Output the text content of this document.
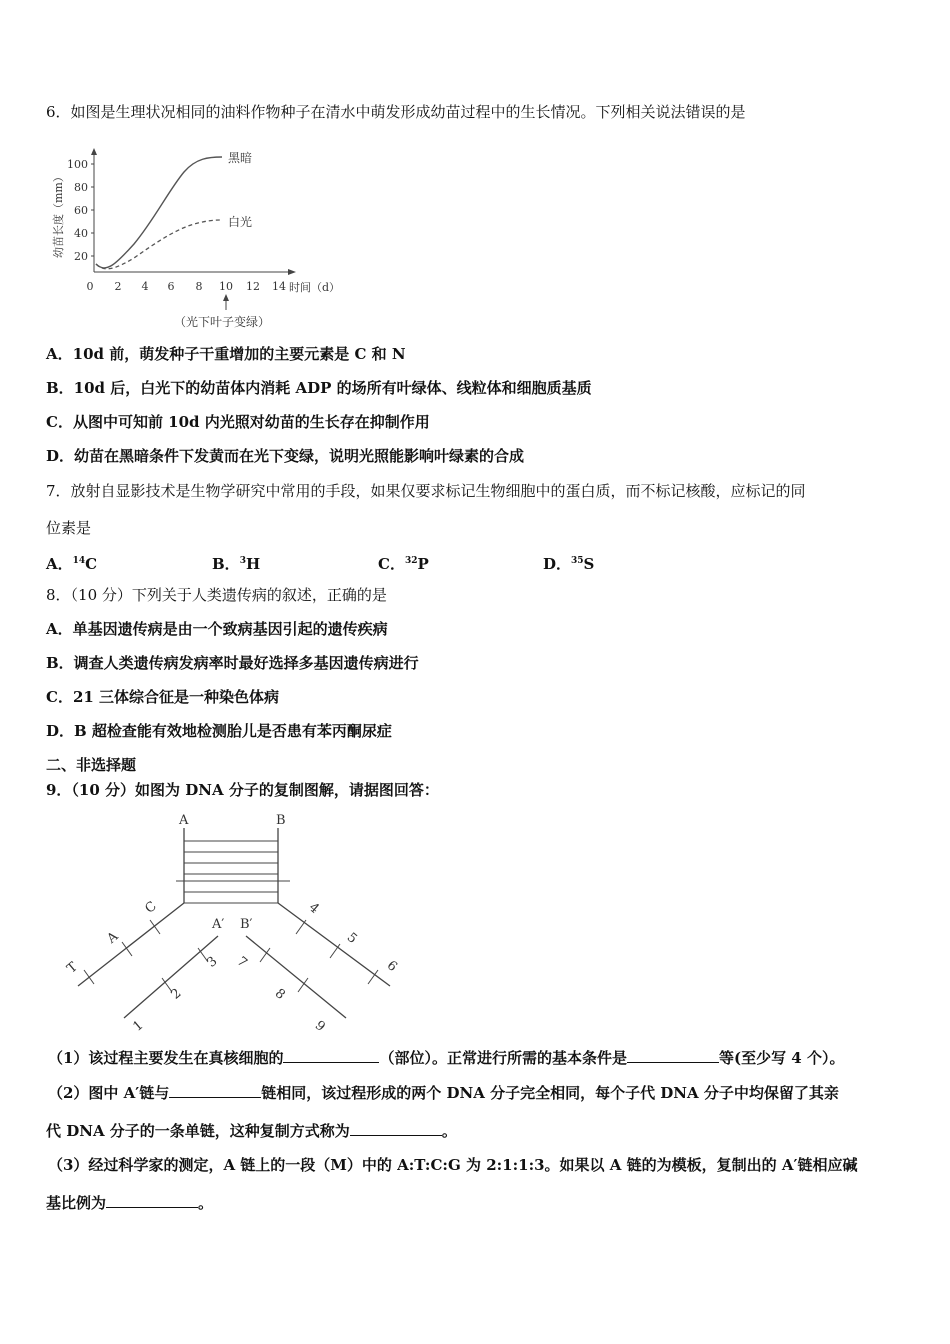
6．如图是生理状况相同的油料作物种子在清水中萌发形成幼苗过程中的生长情况。下列相关说法错误的是
100
80
60
40
20
0 2 4 6 8 10 12 14 时间（d）
幼苗长度（mm）
黑暗
白光
（光下叶子变绿）
A．10d 前，萌发种子干重增加的主要元素是 C 和 N
B．10d 后，白光下的幼苗体内消耗 ADP 的场所有叶绿体、线粒体和细胞质基质
C．从图中可知前 10d 内光照对幼苗的生长存在抑制作用
D．幼苗在黑暗条件下发黄而在光下变绿，说明光照能影响叶绿素的合成
7．放射自显影技术是生物学研究中常用的手段，如果仅要求标记生物细胞中的蛋白质，而不标记核酸，应标记的同
位素是
A．$^{14}$C	B．$^3$H	C．$^{32}$P	D．$^{35}$S
8．（10 分）下列关于人类遗传病的叙述，正确的是
A．单基因遗传病是由一个致病基因引起的遗传疾病
B．调查人类遗传病发病率时最好选择多基因遗传病进行
C．21 三体综合征是一种染色体病
D．B 超检查能有效地检测胎儿是否患有苯丙酮尿症
二、非选择题
9．（10 分）如图为 DNA 分子的复制图解，请据图回答：
A	B
A′ B′
C
A
T	3
2
1
4
5
6
7
8
9
（1）该过程主要发生在真核细胞的	（部位）。正常进行所需的基本条件是	等(至少写 4 个）。
（2）图中 A′链与	链相同，该过程形成的两个 DNA 分子完全相同，每个子代 DNA 分子中均保留了其亲
代 DNA 分子的一条单链，这种复制方式称为	。
（3）经过科学家的测定，A 链上的一段（M）中的 A:T:C:G 为 2:1:1:3。如果以 A 链的为模板，复制出的 A′链相应碱
基比例为	。
